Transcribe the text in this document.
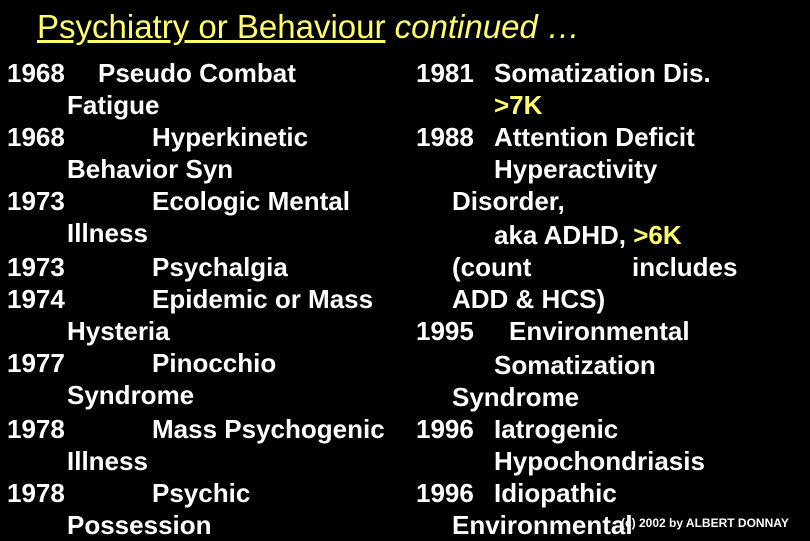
Psychiatry or Behaviour continued …
1968 Pseudo Combat
Fatigue
1968	Hyperkinetic
Behavior Syn
1973	Ecologic Mental
Illness
1973	Psychalgia
1974	Epidemic or Mass
Hysteria
1977	Pinocchio
Syndrome
1978	Mass Psychogenic
Illness
1978	Psychic
Possession
1981 Somatization Dis.
>7K
1988 Attention Deficit
Hyperactivity
Disorder,
aka ADHD, >6K
(count	includes
ADD & HCS)
1995 Environmental
Somatization
Syndrome
1996 Iatrogenic
Hypochondriasis
1996 Idiopathic
Environmental
(c) 2002 by ALBERT DONNAY
